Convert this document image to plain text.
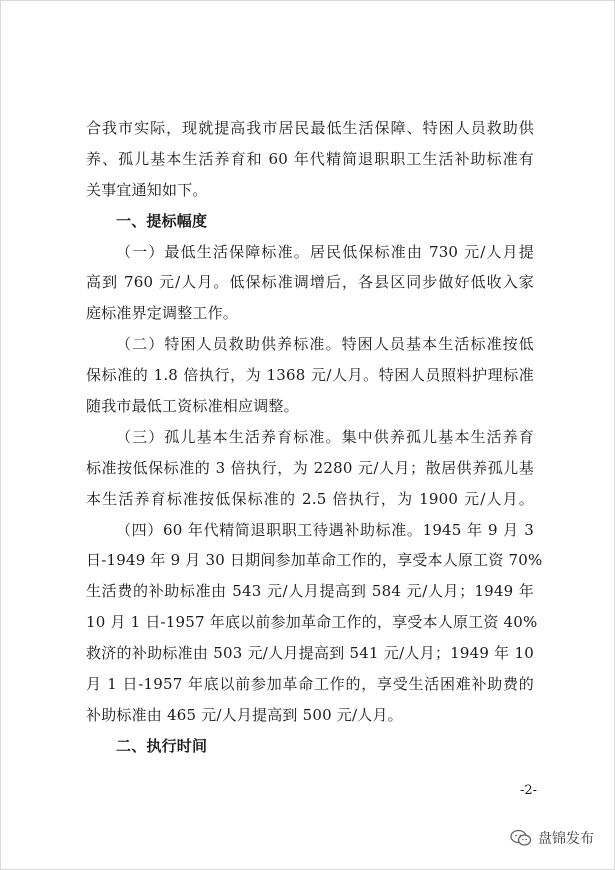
合我市实际，现就提高我市居民最低生活保障、特困人员救助供
养、孤儿基本生活养育和 60 年代精简退职职工生活补助标准有
关事宜通知如下。
一、提标幅度
（一）最低生活保障标准。居民低保标准由 730 元/人月提
高到 760 元/人月。低保标准调增后，各县区同步做好低收入家
庭标准界定调整工作。
（二）特困人员救助供养标准。特困人员基本生活标准按低
保标准的 1.8 倍执行，为 1368 元/人月。特困人员照料护理标准
随我市最低工资标准相应调整。
（三）孤儿基本生活养育标准。集中供养孤儿基本生活养育
标准按低保标准的 3 倍执行，为 2280 元/人月；散居供养孤儿基
本生活养育标准按低保标准的 2.5 倍执行，为 1900 元/人月。
（四）60 年代精简退职职工待遇补助标准。1945 年 9 月 3
日-1949 年 9 月 30 日期间参加革命工作的，享受本人原工资 70%
生活费的补助标准由 543 元/人月提高到 584 元/人月；1949 年
10 月 1 日-1957 年底以前参加革命工作的，享受本人原工资 40%
救济的补助标准由 503 元/人月提高到 541 元/人月；1949 年 10
月 1 日-1957 年底以前参加革命工作的，享受生活困难补助费的
补助标准由 465 元/人月提高到 500 元/人月。
二、执行时间
-2-
盘锦发布
